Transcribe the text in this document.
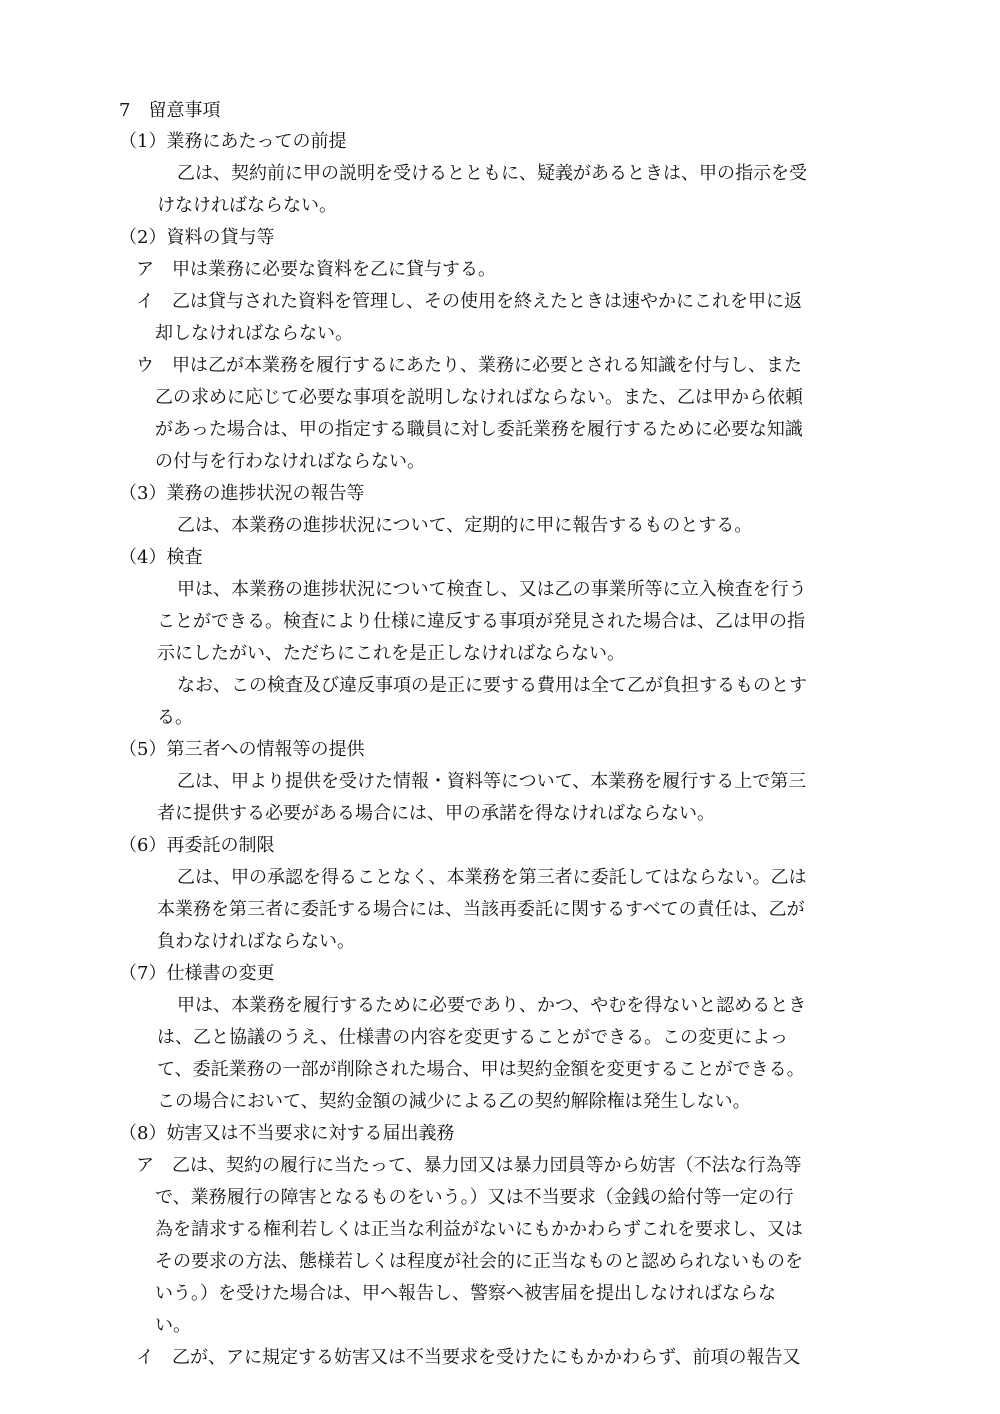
7　留意事項
（1）業務にあたっての前提
乙は、契約前に甲の説明を受けるとともに、疑義があるときは、甲の指示を受
けなければならない。
（2）資料の貸与等
ア　甲は業務に必要な資料を乙に貸与する。
イ　乙は貸与された資料を管理し、その使用を終えたときは速やかにこれを甲に返
却しなければならない。
ウ　甲は乙が本業務を履行するにあたり、業務に必要とされる知識を付与し、また
乙の求めに応じて必要な事項を説明しなければならない。また、乙は甲から依頼
があった場合は、甲の指定する職員に対し委託業務を履行するために必要な知識
の付与を行わなければならない。
（3）業務の進捗状況の報告等
乙は、本業務の進捗状況について、定期的に甲に報告するものとする。
（4）検査
甲は、本業務の進捗状況について検査し、又は乙の事業所等に立入検査を行う
ことができる。検査により仕様に違反する事項が発見された場合は、乙は甲の指
示にしたがい、ただちにこれを是正しなければならない。
なお、この検査及び違反事項の是正に要する費用は全て乙が負担するものとす
る。
（5）第三者への情報等の提供
乙は、甲より提供を受けた情報・資料等について、本業務を履行する上で第三
者に提供する必要がある場合には、甲の承諾を得なければならない。
（6）再委託の制限
乙は、甲の承認を得ることなく、本業務を第三者に委託してはならない。乙は
本業務を第三者に委託する場合には、当該再委託に関するすべての責任は、乙が
負わなければならない。
（7）仕様書の変更
甲は、本業務を履行するために必要であり、かつ、やむを得ないと認めるとき
は、乙と協議のうえ、仕様書の内容を変更することができる。この変更によっ
て、委託業務の一部が削除された場合、甲は契約金額を変更することができる。
この場合において、契約金額の減少による乙の契約解除権は発生しない。
（8）妨害又は不当要求に対する届出義務
ア　乙は、契約の履行に当たって、暴力団又は暴力団員等から妨害（不法な行為等
で、業務履行の障害となるものをいう。）又は不当要求（金銭の給付等一定の行
為を請求する権利若しくは正当な利益がないにもかかわらずこれを要求し、又は
その要求の方法、態様若しくは程度が社会的に正当なものと認められないものを
いう。）を受けた場合は、甲へ報告し、警察へ被害届を提出しなければならな
い。
イ　乙が、アに規定する妨害又は不当要求を受けたにもかかわらず、前項の報告又
